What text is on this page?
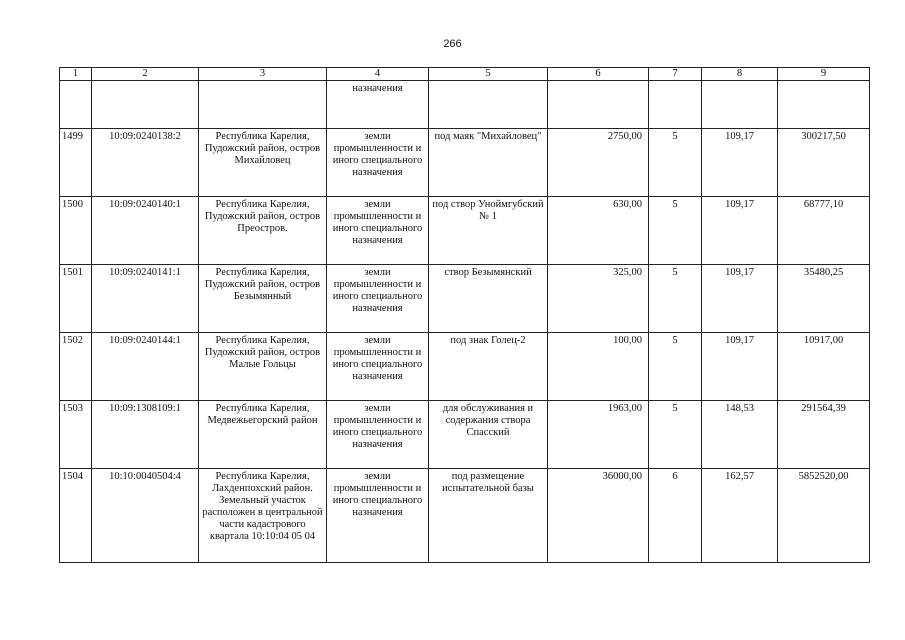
266
1	2	3	4	5	6	7	8	9
			назначения					
1499	10:09:0240138:2	Республика Карелия, Пудожский район, остров Михайловец	земли промышленности и иного специального назначения	под маяк "Михайловец"	2750,00	5	109,17	300217,50
1500	10:09:0240140:1	Республика Карелия, Пудожский район, остров Преостров.	земли промышленности и иного специального назначения	под створ Уноймгубский № 1	630,00	5	109,17	68777,10
1501	10:09:0240141:1	Республика Карелия, Пудожский район, остров Безымянный	земли промышленности и иного специального назначения	створ Безымянский	325,00	5	109,17	35480,25
1502	10:09:0240144:1	Республика Карелия, Пудожский район, остров Малые Гольцы	земли промышленности и иного специального назначения	под знак Голец-2	100,00	5	109,17	10917,00
1503	10:09:1308109:1	Республика Карелия, Медвежьегорский район	земли промышленности и иного специального назначения	для обслуживания и содержания створа Спасский	1963,00	5	148,53	291564,39
1504	10:10:0040504:4	Республика Карелия, Лахденпохский район. Земельный участок расположен в центральной части кадастрового квартала 10:10:04 05 04	земли промышленности и иного специального назначения	под размещение испытательной базы	36000,00	6	162,57	5852520,00
